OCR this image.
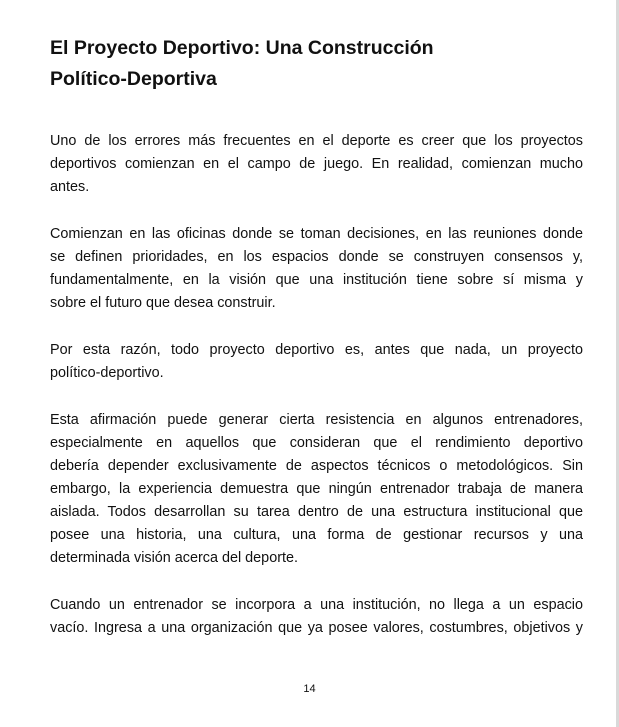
El Proyecto Deportivo: Una Construcción
Político-Deportiva

Uno de los errores más frecuentes en el deporte es creer que los proyectos
deportivos comienzan en el campo de juego. En realidad, comienzan mucho
antes.

Comienzan en las oficinas donde se toman decisiones, en las reuniones donde
se definen prioridades, en los espacios donde se construyen consensos y,
fundamentalmente, en la visión que una institución tiene sobre sí misma y
sobre el futuro que desea construir.

Por esta razón, todo proyecto deportivo es, antes que nada, un proyecto
político-deportivo.

Esta afirmación puede generar cierta resistencia en algunos entrenadores,
especialmente en aquellos que consideran que el rendimiento deportivo
debería depender exclusivamente de aspectos técnicos o metodológicos. Sin
embargo, la experiencia demuestra que ningún entrenador trabaja de manera
aislada. Todos desarrollan su tarea dentro de una estructura institucional que
posee una historia, una cultura, una forma de gestionar recursos y una
determinada visión acerca del deporte.

Cuando un entrenador se incorpora a una institución, no llega a un espacio
vacío. Ingresa a una organización que ya posee valores, costumbres, objetivos y

14
